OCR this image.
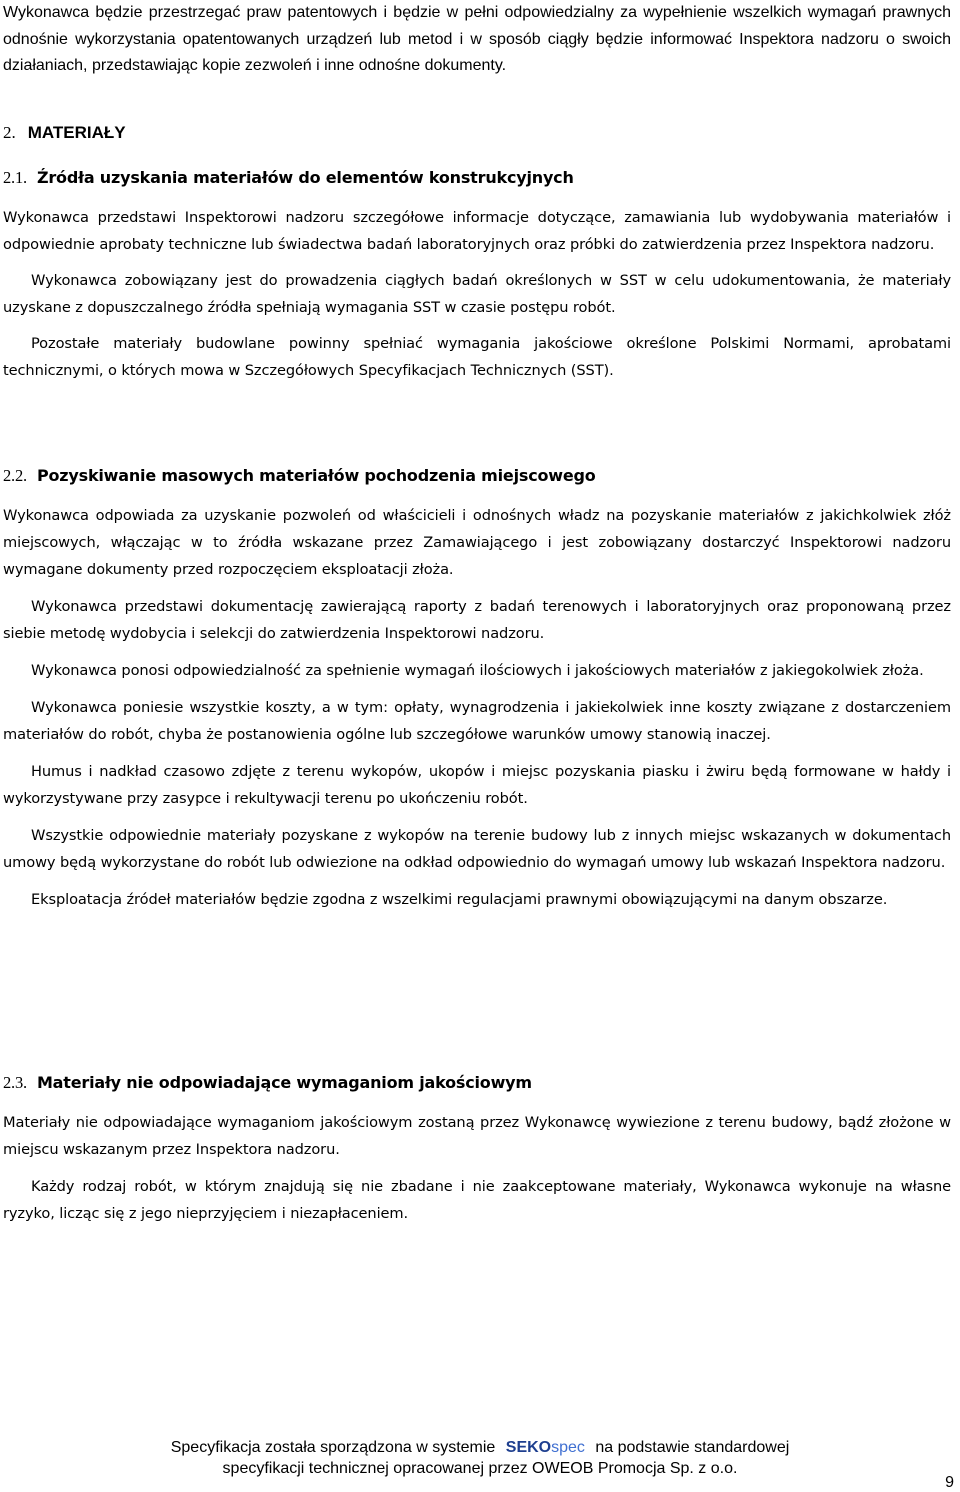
Wykonawca będzie przestrzegać praw patentowych i będzie w pełni odpowiedzialny za wypełnienie wszelkich wymagań prawnych odnośnie wykorzystania opatentowanych urządzeń lub metod i w sposób ciągły będzie informować Inspektora nadzoru o swoich działaniach, przedstawiając kopie zezwoleń i inne odnośne dokumenty.

2. MATERIAŁY
2.1. Źródła uzyskania materiałów do elementów konstrukcyjnych

Wykonawca przedstawi Inspektorowi nadzoru szczegółowe informacje dotyczące, zamawiania lub wydobywania materiałów i odpowiednie aprobaty techniczne lub świadectwa badań laboratoryjnych oraz próbki do zatwierdzenia przez Inspektora nadzoru.

Wykonawca zobowiązany jest do prowadzenia ciągłych badań określonych w SST w celu udokumentowania, że materiały uzyskane z dopuszczalnego źródła spełniają wymagania SST w czasie postępu robót.

Pozostałe materiały budowlane powinny spełniać wymagania jakościowe określone Polskimi Normami, aprobatami technicznymi, o których mowa w Szczegółowych Specyfikacjach Technicznych (SST).

2.2. Pozyskiwanie masowych materiałów pochodzenia miejscowego

Wykonawca odpowiada za uzyskanie pozwoleń od właścicieli i odnośnych władz na pozyskanie materiałów z jakichkolwiek złóż miejscowych, włączając w to źródła wskazane przez Zamawiającego i jest zobowiązany dostarczyć Inspektorowi nadzoru wymagane dokumenty przed rozpoczęciem eksploatacji złoża.

Wykonawca przedstawi dokumentację zawierającą raporty z badań terenowych i laboratoryjnych oraz proponowaną przez siebie metodę wydobycia i selekcji do zatwierdzenia Inspektorowi nadzoru.

Wykonawca ponosi odpowiedzialność za spełnienie wymagań ilościowych i jakościowych materiałów z jakiegokolwiek złoża.

Wykonawca poniesie wszystkie koszty, a w tym: opłaty, wynagrodzenia i jakiekolwiek inne koszty związane z dostarczeniem materiałów do robót, chyba że postanowienia ogólne lub szczegółowe warunków umowy stanowią inaczej.

Humus i nadkład czasowo zdjęte z terenu wykopów, ukopów i miejsc pozyskania piasku i żwiru będą formowane w hałdy i wykorzystywane przy zasypce i rekultywacji terenu po ukończeniu robót.

Wszystkie odpowiednie materiały pozyskane z wykopów na terenie budowy lub z innych miejsc wskazanych w dokumentach umowy będą wykorzystane do robót lub odwiezione na odkład odpowiednio do wymagań umowy lub wskazań Inspektora nadzoru.

Eksploatacja źródeł materiałów będzie zgodna z wszelkimi regulacjami prawnymi obowiązującymi na danym obszarze.

2.3. Materiały nie odpowiadające wymaganiom jakościowym

Materiały nie odpowiadające wymaganiom jakościowym zostaną przez Wykonawcę wywiezione z terenu budowy, bądź złożone w miejscu wskazanym przez Inspektora nadzoru.

Każdy rodzaj robót, w którym znajdują się nie zbadane i nie zaakceptowane materiały, Wykonawca wykonuje na własne ryzyko, licząc się z jego nieprzyjęciem i niezapłaceniem.

Specyfikacja została sporządzona w systemie SEKOspec na podstawie standardowej
specyfikacji technicznej opracowanej przez OWEOB Promocja Sp. z o.o.
9
